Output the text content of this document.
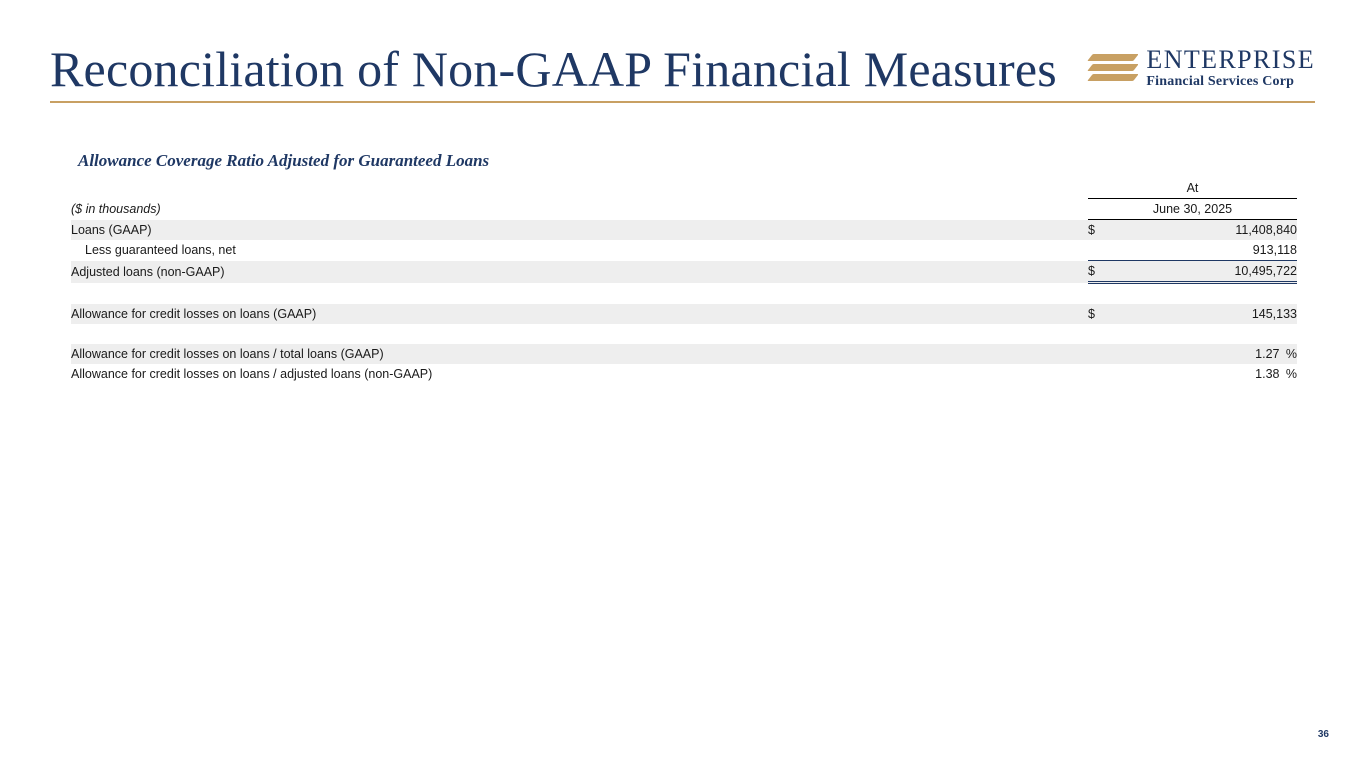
Reconciliation of Non-GAAP Financial Measures	ENTERPRISE
Financial Services Corp
Allowance Coverage Ratio Adjusted for Guaranteed Loans
	At	
($ in thousands)	June 30, 2025	
Loans (GAAP)	$	11,408,840
Less guaranteed loans, net		913,118
Adjusted loans (non-GAAP)	$	10,495,722

Allowance for credit losses on loans (GAAP)	$	145,133

Allowance for credit losses on loans / total loans (GAAP)		1.27 %
Allowance for credit losses on loans / adjusted loans (non-GAAP)		1.38 %
36
